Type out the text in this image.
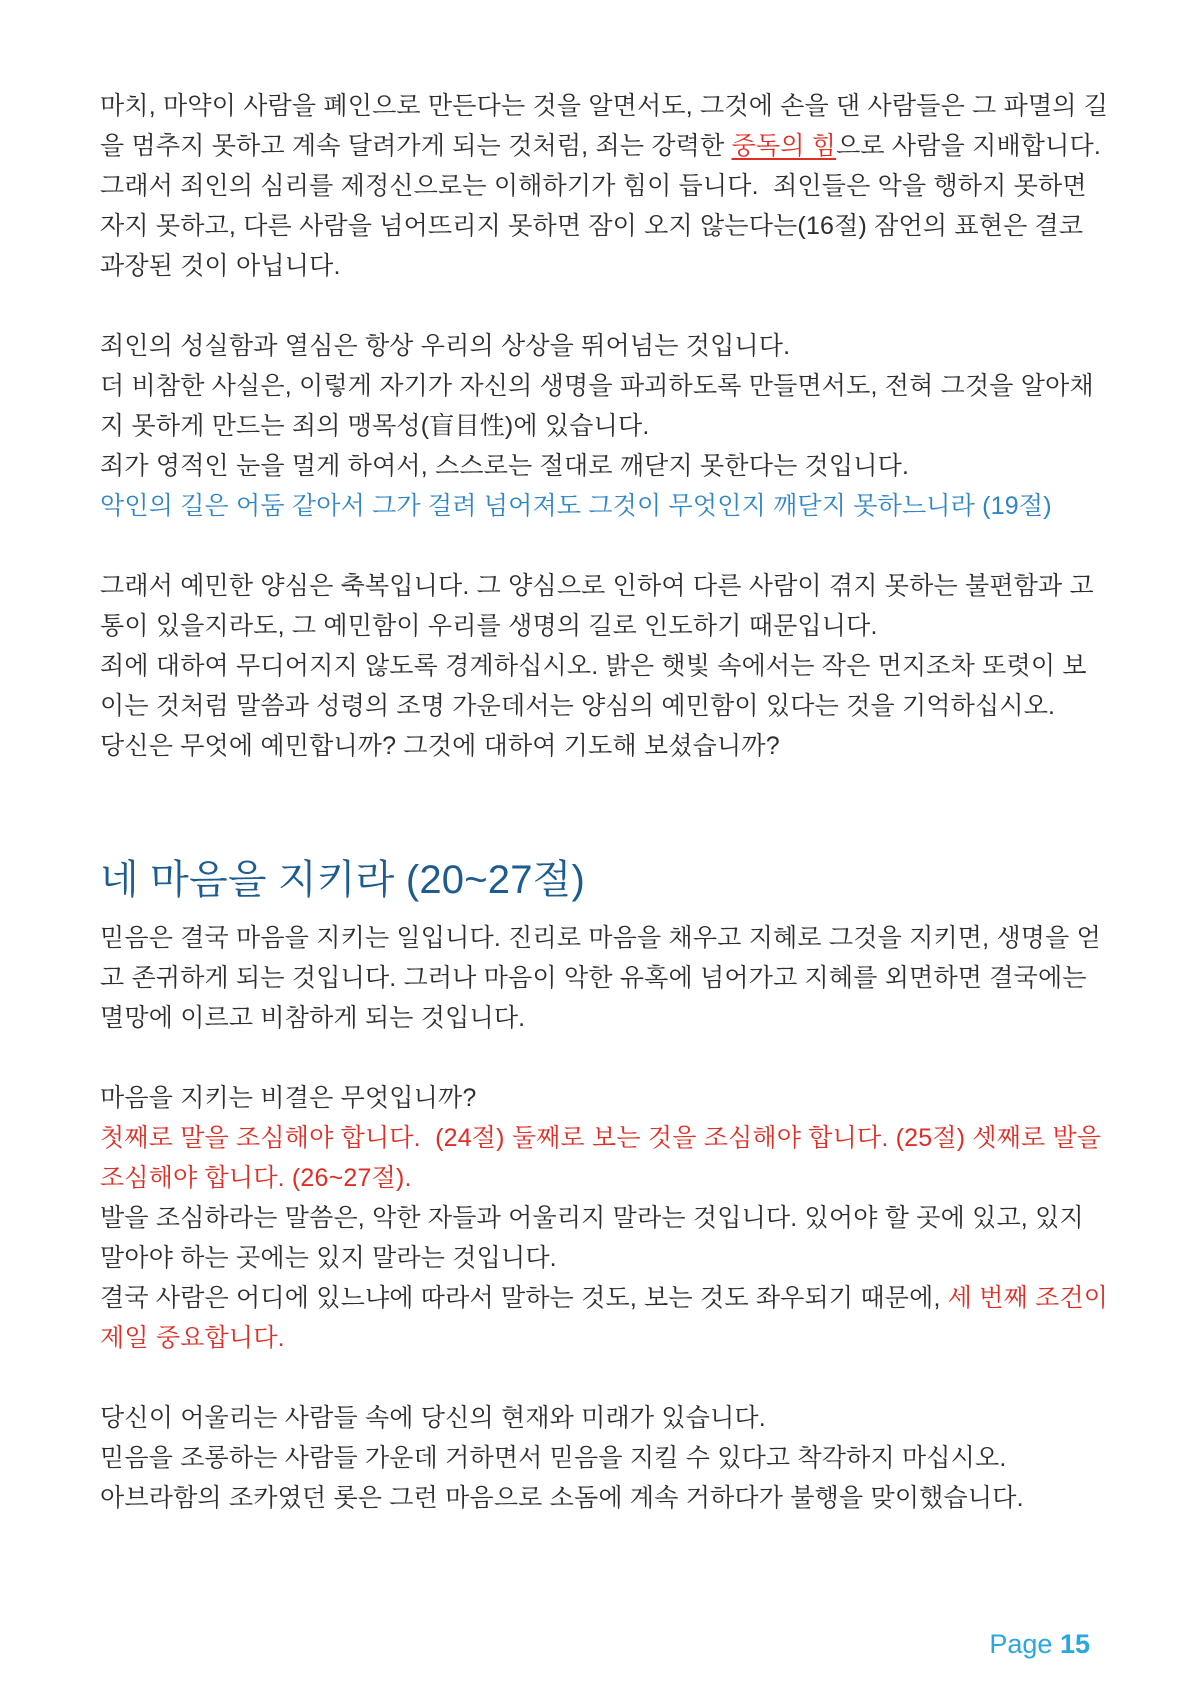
마치, 마약이 사람을 폐인으로 만든다는 것을 알면서도, 그것에 손을 댄 사람들은 그 파멸의 길을 멈추지 못하고 계속 달려가게 되는 것처럼, 죄는 강력한 중독의 힘으로 사람을 지배합니다.

그래서 죄인의 심리를 제정신으로는 이해하기가 힘이 듭니다.  죄인들은 악을 행하지 못하면 자지 못하고, 다른 사람을 넘어뜨리지 못하면 잠이 오지 않는다는(16절) 잠언의 표현은 결코 과장된 것이 아닙니다.

죄인의 성실함과 열심은 항상 우리의 상상을 뛰어넘는 것입니다.

더 비참한 사실은, 이렇게 자기가 자신의 생명을 파괴하도록 만들면서도, 전혀 그것을 알아채지 못하게 만드는 죄의 맹목성(盲目性)에 있습니다.

죄가 영적인 눈을 멀게 하여서, 스스로는 절대로 깨닫지 못한다는 것입니다.

악인의 길은 어둠 같아서 그가 걸려 넘어져도 그것이 무엇인지 깨닫지 못하느니라 (19절)

그래서 예민한 양심은 축복입니다. 그 양심으로 인하여 다른 사람이 겪지 못하는 불편함과 고통이 있을지라도, 그 예민함이 우리를 생명의 길로 인도하기 때문입니다.

죄에 대하여 무디어지지 않도록 경계하십시오. 밝은 햇빛 속에서는 작은 먼지조차 또렷이 보이는 것처럼 말씀과 성령의 조명 가운데서는 양심의 예민함이 있다는 것을 기억하십시오.

당신은 무엇에 예민합니까? 그것에 대하여 기도해 보셨습니까?

네 마음을 지키라 (20~27절)

믿음은 결국 마음을 지키는 일입니다. 진리로 마음을 채우고 지혜로 그것을 지키면, 생명을 얻고 존귀하게 되는 것입니다. 그러나 마음이 악한 유혹에 넘어가고 지혜를 외면하면 결국에는 멸망에 이르고 비참하게 되는 것입니다.

마음을 지키는 비결은 무엇입니까?

첫째로 말을 조심해야 합니다.  (24절) 둘째로 보는 것을 조심해야 합니다. (25절) 셋째로 발을 조심해야 합니다. (26~27절).

발을 조심하라는 말씀은, 악한 자들과 어울리지 말라는 것입니다. 있어야 할 곳에 있고, 있지 말아야 하는 곳에는 있지 말라는 것입니다.

결국 사람은 어디에 있느냐에 따라서 말하는 것도, 보는 것도 좌우되기 때문에, 세 번째 조건이 제일 중요합니다.

당신이 어울리는 사람들 속에 당신의 현재와 미래가 있습니다.

믿음을 조롱하는 사람들 가운데 거하면서 믿음을 지킬 수 있다고 착각하지 마십시오.

아브라함의 조카였던 롯은 그런 마음으로 소돔에 계속 거하다가 불행을 맞이했습니다.

Page 15
